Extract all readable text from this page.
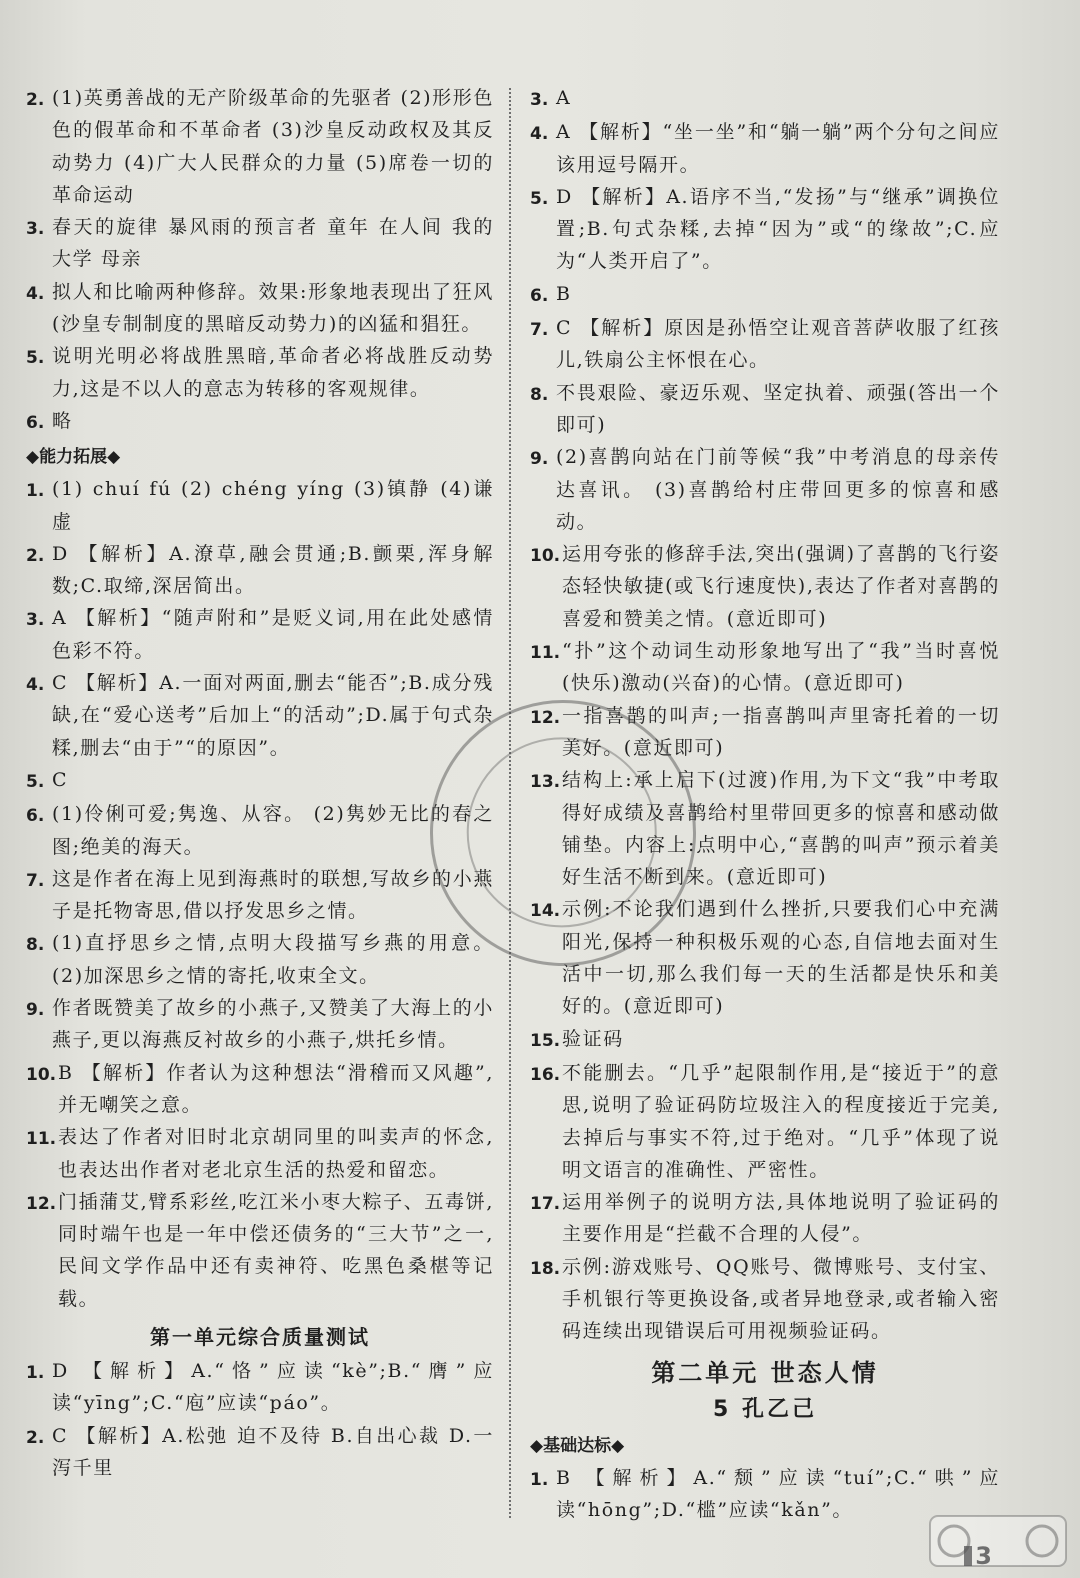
2. (1)英勇善战的无产阶级革命的先驱者 (2)形形色色的假革命和不革命者 (3)沙皇反动政权及其反动势力 (4)广大人民群众的力量 (5)席卷一切的革命运动
3. 春天的旋律 暴风雨的预言者 童年 在人间 我的大学 母亲
4. 拟人和比喻两种修辞。效果:形象地表现出了狂风(沙皇专制制度的黑暗反动势力)的凶猛和猖狂。
5. 说明光明必将战胜黑暗,革命者必将战胜反动势力,这是不以人的意志为转移的客观规律。
6. 略
◆能力拓展◆
1. (1) chuí fú (2) chéng yíng (3)镇静 (4)谦虚
2. D 【解析】A.潦草,融会贯通;B.颤栗,浑身解数;C.取缔,深居简出。
3. A 【解析】“随声附和”是贬义词,用在此处感情色彩不符。
4. C 【解析】A.一面对两面,删去“能否”;B.成分残缺,在“爱心送考”后加上“的活动”;D.属于句式杂糅,删去“由于”“的原因”。
5. C
6. (1)伶俐可爱;隽逸、从容。 (2)隽妙无比的春之图;绝美的海天。
7. 这是作者在海上见到海燕时的联想,写故乡的小燕子是托物寄思,借以抒发思乡之情。
8. (1)直抒思乡之情,点明大段描写乡燕的用意。 (2)加深思乡之情的寄托,收束全文。
9. 作者既赞美了故乡的小燕子,又赞美了大海上的小燕子,更以海燕反衬故乡的小燕子,烘托乡情。
10. B 【解析】作者认为这种想法“滑稽而又风趣”,并无嘲笑之意。
11. 表达了作者对旧时北京胡同里的叫卖声的怀念,也表达出作者对老北京生活的热爱和留恋。
12. 门插蒲艾,臂系彩丝,吃江米小枣大粽子、五毒饼,同时端午也是一年中偿还债务的“三大节”之一,民间文学作品中还有卖神符、吃黑色桑椹等记载。
第一单元综合质量测试
1. D 【解析】A.“恪”应读“kè”;B.“膺”应读“yīng”;C.“庖”应读“páo”。
2. C 【解析】A.松弛 迫不及待 B.自出心裁 D.一泻千里
3. A
4. A 【解析】“坐一坐”和“躺一躺”两个分句之间应该用逗号隔开。
5. D 【解析】A.语序不当,“发扬”与“继承”调换位置;B.句式杂糅,去掉“因为”或“的缘故”;C.应为“人类开启了”。
6. B
7. C 【解析】原因是孙悟空让观音菩萨收服了红孩儿,铁扇公主怀恨在心。
8. 不畏艰险、豪迈乐观、坚定执着、顽强(答出一个即可)
9. (2)喜鹊向站在门前等候“我”中考消息的母亲传达喜讯。 (3)喜鹊给村庄带回更多的惊喜和感动。
10. 运用夸张的修辞手法,突出(强调)了喜鹊的飞行姿态轻快敏捷(或飞行速度快),表达了作者对喜鹊的喜爱和赞美之情。(意近即可)
11. “扑”这个动词生动形象地写出了“我”当时喜悦(快乐)激动(兴奋)的心情。(意近即可)
12. 一指喜鹊的叫声;一指喜鹊叫声里寄托着的一切美好。(意近即可)
13. 结构上:承上启下(过渡)作用,为下文“我”中考取得好成绩及喜鹊给村里带回更多的惊喜和感动做铺垫。内容上:点明中心,“喜鹊的叫声”预示着美好生活不断到来。(意近即可)
14. 示例:不论我们遇到什么挫折,只要我们心中充满阳光,保持一种积极乐观的心态,自信地去面对生活中一切,那么我们每一天的生活都是快乐和美好的。(意近即可)
15. 验证码
16. 不能删去。“几乎”起限制作用,是“接近于”的意思,说明了验证码防垃圾注入的程度接近于完美,去掉后与事实不符,过于绝对。“几乎”体现了说明文语言的准确性、严密性。
17. 运用举例子的说明方法,具体地说明了验证码的主要作用是“拦截不合理的人侵”。
18. 示例:游戏账号、QQ账号、微博账号、支付宝、手机银行等更换设备,或者异地登录,或者输入密码连续出现错误后可用视频验证码。
第二单元 世态人情
5 孔乙己
◆基础达标◆
1. B 【解析】A.“颓”应读“tuí”;C.“哄”应读“hōng”;D.“槛”应读“kǎn”。
